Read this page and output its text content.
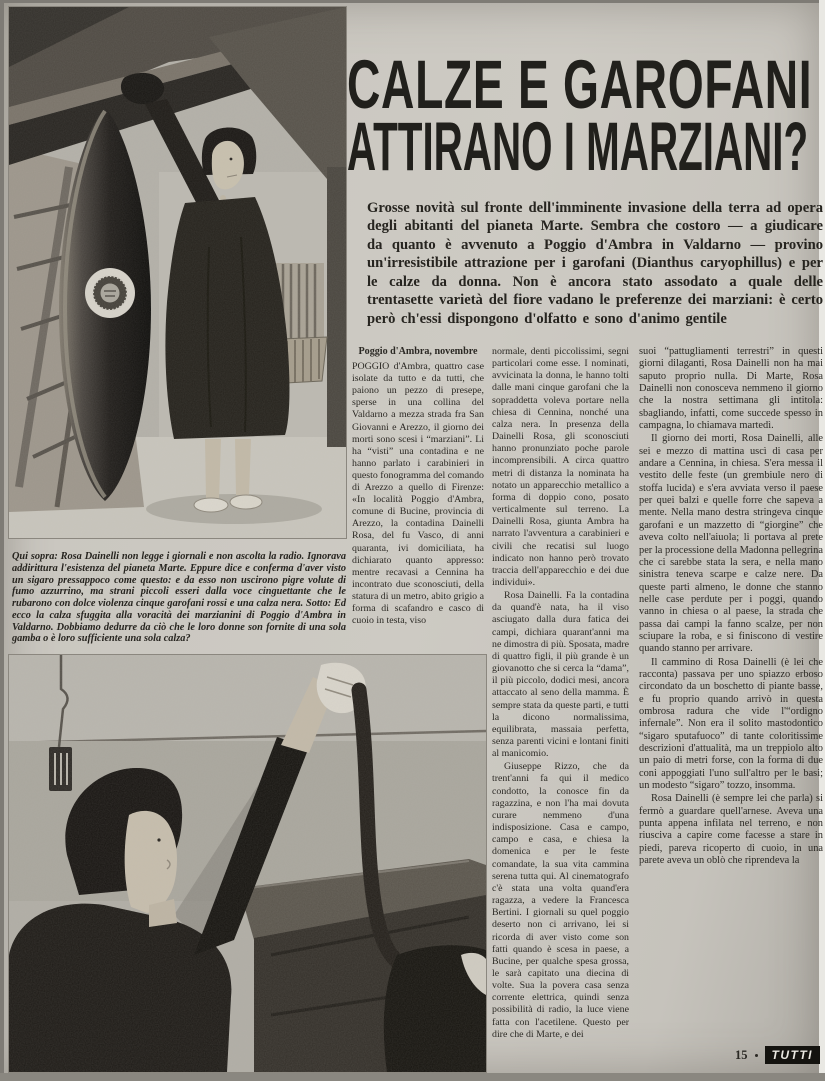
CALZE E GAROFANI
ATTIRANO I MARZIANI?

Grosse novità sul fronte dell'imminente invasione della terra ad opera degli abitanti del pianeta Marte. Sembra che costoro — a giudicare da quanto è avvenuto a Poggio d'Ambra in Valdarno — provino un'irresistibile attrazione per i garofani (Dianthus caryophillus) e per le calze da donna. Non è ancora stato assodato a quale delle trentasette varietà del fiore vadano le preferenze dei marziani: è certo però ch'essi dispongono d'olfatto e sono d'animo gentile

Qui sopra: Rosa Dainelli non legge i giornali e non ascolta la radio. Ignorava addirittura l'esistenza del pianeta Marte. Eppure dice e conferma d'aver visto un sigaro pressappoco come questo: e da esso non uscirono pigre volute di fumo azzurrino, ma strani piccoli esseri dalla voce cinguettante che le rubarono con dolce violenza cinque garofani rossi e una calza nera. Sotto: Ed ecco la calza sfuggita alla voracità dei marzianini di Poggio d'Ambra in Valdarno. Dobbiamo dedurre da ciò che le loro donne son fornite di una sola gamba o è loro sufficiente una sola calza?

Poggio d'Ambra, novembre

POGGIO d'Ambra, quattro case isolate da tutto e da tutti, che paiono un pezzo di presepe, sperse in una collina del Valdarno a mezza strada fra San Giovanni e Arezzo, il giorno dei morti sono scesi i “marziani”. Li ha “visti” una contadina e ne hanno parlato i carabinieri in questo fonogramma del comando di Arezzo a quello di Firenze: «In località Poggio d'Ambra, comune di Bucine, provincia di Arezzo, la contadina Dainelli Rosa, del fu Vasco, di anni quaranta, ivi domiciliata, ha dichiarato quanto appresso: mentre recavasi a Cennina ha incontrato due sconosciuti, della statura di un metro, abito grigio a forma di scafandro e casco di cuoio in testa, viso

normale, denti piccolissimi, segni particolari come esse. I nominati, avvicinata la donna, le hanno tolti dalle mani cinque garofani che la sopraddetta voleva portare nella chiesa di Cennina, nonché una calza nera. In presenza della Dainelli Rosa, gli sconosciuti hanno pronunziato poche parole incomprensibili. A circa quattro metri di distanza la nominata ha notato un apparecchio metallico a forma di doppio cono, posato verticalmente sul terreno. La Dainelli Rosa, giunta Ambra ha narrato l'avventura a carabinieri e civili che recatisi sul luogo indicato non hanno però trovato traccia dell'apparecchio e dei due individui».

Rosa Dainelli. Fa la contadina da quand'è nata, ha il viso asciugato dalla dura fatica dei campi, dichiara quarant'anni ma ne dimostra di più. Sposata, madre di quattro figli, il più grande è un giovanotto che si cerca la “dama”, il più piccolo, dodici mesi, ancora attaccato al seno della mamma. È sempre stata da queste parti, e tutti la dicono normalissima, equilibrata, massaia perfetta, senza parenti vicini e lontani finiti al manicomio.

Giuseppe Rizzo, che da trent'anni fa qui il medico condotto, la conosce fin da ragazzina, e non l'ha mai dovuta curare nemmeno d'una indisposizione. Casa e campo, campo e casa, e chiesa la domenica e per le feste comandate, la sua vita cammina serena tutta qui. Al cinematografo c'è stata una volta quand'era ragazza, a vedere la Francesca Bertini. I giornali su quel poggio deserto non ci arrivano, lei si ricorda di aver visto come son fatti quando è scesa in paese, a Bucine, per qualche spesa grossa, le sarà capitato una diecina di volte. Sua la povera casa senza corrente elettrica, quindi senza possibilità di radio, la luce viene fatta con l'acetilene. Questo per dire che di Marte, e dei

suoi “pattugliamenti terrestri” in questi giorni dilaganti, Rosa Dainelli non ha mai saputo proprio nulla. Di Marte, Rosa Dainelli non conosceva nemmeno il giorno che la nostra settimana gli intitola: sbagliando, infatti, come succede spesso in campagna, lo chiamava martedì.

Il giorno dei morti, Rosa Dainelli, alle sei e mezzo di mattina uscì di casa per andare a Cennina, in chiesa. S'era messa il vestito delle feste (un grembiule nero di stoffa lucida) e s'era avviata verso il paese per quei balzi e quelle forre che sapeva a mente. Nella mano destra stringeva cinque garofani e un mazzetto di “giorgine” che aveva colto nell'aiuola; li portava al prete per la processione della Madonna pellegrina che ci sarebbe stata la sera, e nella mano sinistra teneva scarpe e calze nere. Da queste parti almeno, le donne che stanno nelle case perdute per i poggi, quando vanno in chiesa o al paese, la strada che passa dai campi la fanno scalze, per non sciupare la roba, e si finiscono di vestire quando stanno per arrivare.

Il cammino di Rosa Dainelli (è lei che racconta) passava per uno spiazzo erboso circondato da un boschetto di piante basse, e fu proprio quando arrivò in questa ombrosa radura che vide l'“ordigno infernale”. Non era il solito mastodontico “sigaro sputafuoco” di tante coloritissime descrizioni d'attualità, ma un treppiolo alto un paio di metri forse, con la forma di due coni appoggiati l'uno sull'altro per le basi; un modesto “sigaro” tozzo, insomma.

Rosa Dainelli (è sempre lei che parla) si fermò a guardare quell'arnese. Aveva una punta appena infilata nel terreno, e non riusciva a capire come facesse a stare in piedi, pareva ricoperto di cuoio, in una parete aveva un oblò che riprendeva la

15	TUTTI
